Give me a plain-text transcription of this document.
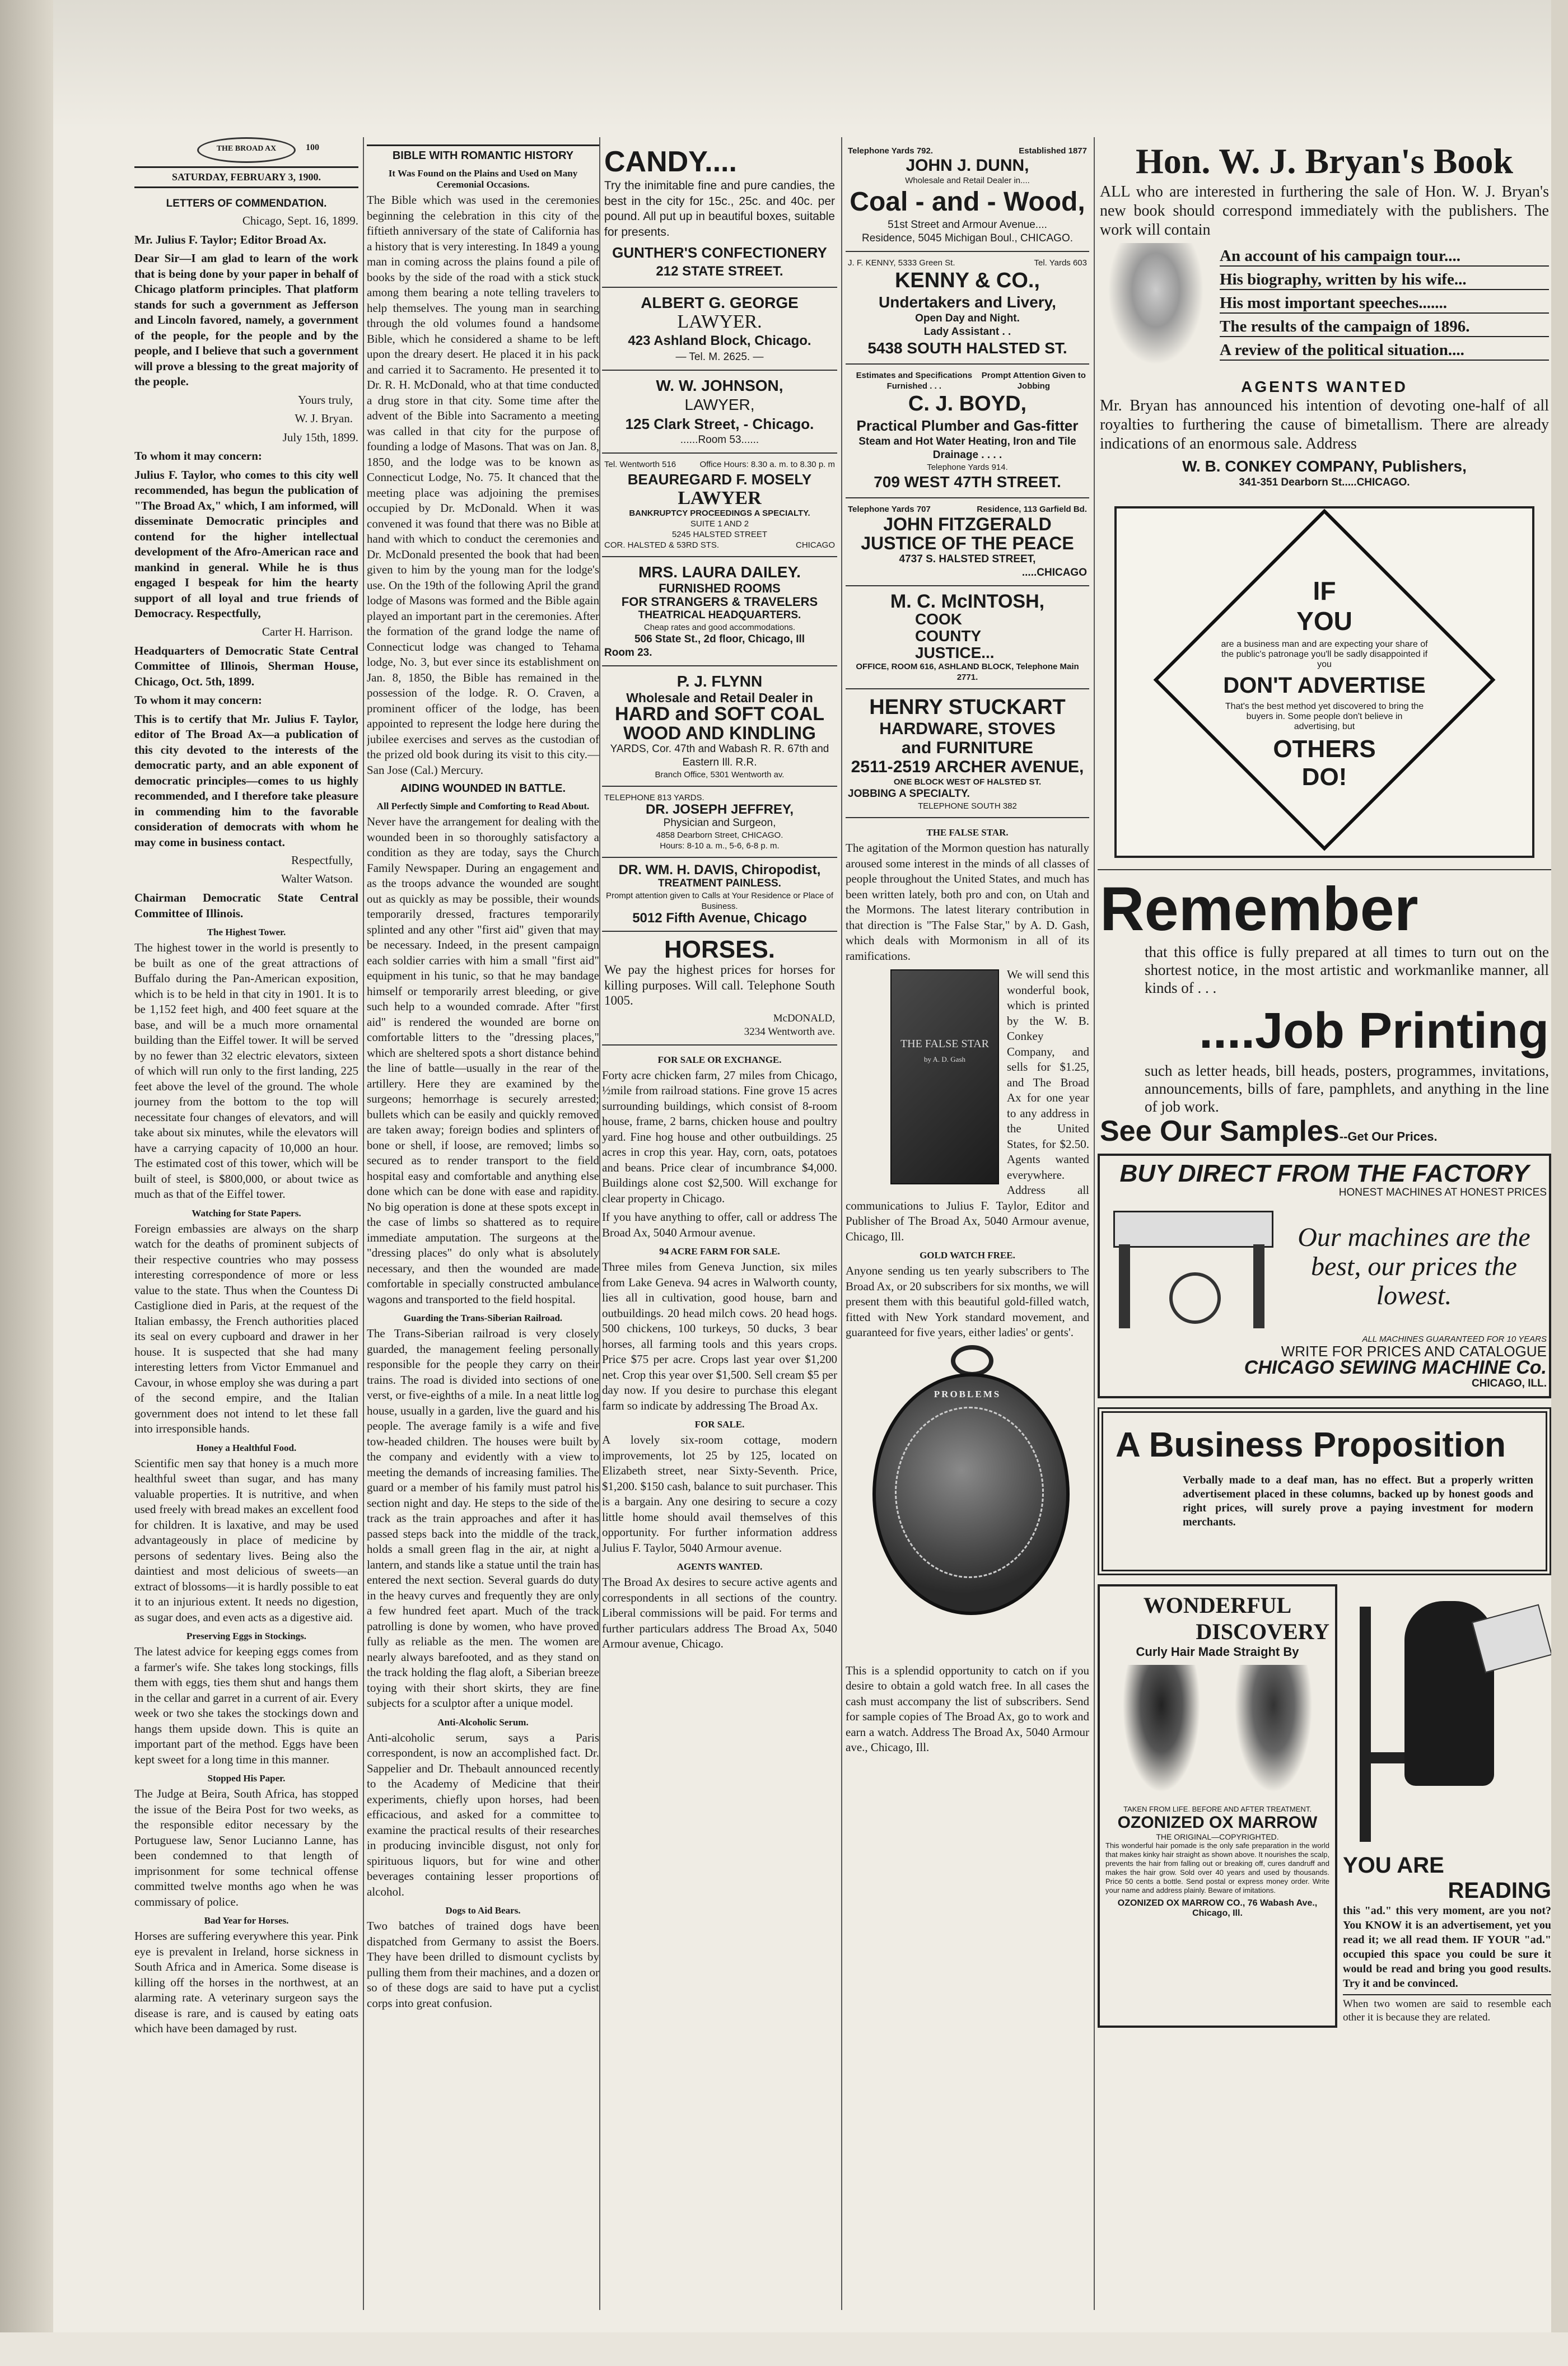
THE BROAD AX	100
SATURDAY, FEBRUARY 3, 1900.
LETTERS OF COMMENDATION.

Chicago, Sept. 16, 1899.

Mr. Julius F. Taylor; Editor Broad Ax.

Dear Sir—I am glad to learn of the work that is being done by your paper in behalf of Chicago platform principles. That platform stands for such a government as Jefferson and Lincoln favored, namely, a government of the people, for the people and by the people, and I believe that such a government will prove a blessing to the great majority of the people.

Yours truly,
W. J. Bryan.

July 15th, 1899.

To whom it may concern:

Julius F. Taylor, who comes to this city well recommended, has begun the publication of "The Broad Ax," which, I am informed, will disseminate Democratic principles and contend for the higher intellectual development of the Afro-American race and mankind in general. While he is thus engaged I bespeak for him the hearty support of all loyal and true friends of Democracy. Respectfully,

Carter H. Harrison.

Headquarters of Democratic State Central Committee of Illinois, Sherman House, Chicago, Oct. 5th, 1899.

To whom it may concern:

This is to certify that Mr. Julius F. Taylor, editor of The Broad Ax—a publication of this city devoted to the interests of the democratic party, and an able exponent of democratic principles—comes to us highly recommended, and I therefore take pleasure in commending him to the favorable consideration of democrats with whom he may come in business contact.

Respectfully,
Walter Watson.

Chairman Democratic State Central Committee of Illinois.

The Highest Tower.

The highest tower in the world is presently to be built as one of the great attractions of Buffalo during the Pan-American exposition, which is to be held in that city in 1901. It is to be 1,152 feet high, and 400 feet square at the base, and will be a much more ornamental building than the Eiffel tower. It will be served by no fewer than 32 electric elevators, sixteen of which will run only to the first landing, 225 feet above the level of the ground. The whole journey from the bottom to the top will necessitate four changes of elevators, and will take about six minutes, while the elevators will have a carrying capacity of 10,000 an hour. The estimated cost of this tower, which will be built of steel, is $800,000, or about twice as much as that of the Eiffel tower.

Watching for State Papers.

Foreign embassies are always on the sharp watch for the deaths of prominent subjects of their respective countries who may possess interesting correspondence of more or less value to the state. Thus when the Countess Di Castiglione died in Paris, at the request of the Italian embassy, the French authorities placed its seal on every cupboard and drawer in her house. It is suspected that she had many interesting letters from Victor Emmanuel and Cavour, in whose employ she was during a part of the second empire, and the Italian government does not intend to let these fall into irresponsible hands.

Honey a Healthful Food.

Scientific men say that honey is a much more healthful sweet than sugar, and has many valuable properties. It is nutritive, and when used freely with bread makes an excellent food for children. It is laxative, and may be used advantageously in place of medicine by persons of sedentary lives. Being also the daintiest and most delicious of sweets—an extract of blossoms—it is hardly possible to eat it to an injurious extent. It needs no digestion, as sugar does, and even acts as a digestive aid.

Preserving Eggs in Stockings.

The latest advice for keeping eggs comes from a farmer's wife. She takes long stockings, fills them with eggs, ties them shut and hangs them in the cellar and garret in a current of air. Every week or two she takes the stockings down and hangs them upside down. This is quite an important part of the method. Eggs have been kept sweet for a long time in this manner.

Stopped His Paper.

The Judge at Beira, South Africa, has stopped the issue of the Beira Post for two weeks, as the responsible editor necessary by the Portuguese law, Senor Lucianno Lanne, has been condemned to that length of imprisonment for some technical offense committed twelve months ago when he was commissary of police.

Bad Year for Horses.

Horses are suffering everywhere this year. Pink eye is prevalent in Ireland, horse sickness in South Africa and in America. Some disease is killing off the horses in the northwest, at an alarming rate. A veterinary surgeon says the disease is rare, and is caused by eating oats which have been damaged by rust.

BIBLE WITH ROMANTIC HISTORY
It Was Found on the Plains and Used on Many Ceremonial Occasions.

The Bible which was used in the ceremonies beginning the celebration in this city of the fiftieth anniversary of the state of California has a history that is very interesting. In 1849 a young man in coming across the plains found a pile of books by the side of the road with a stick stuck among them bearing a note telling travelers to help themselves. The young man in searching through the old volumes found a handsome Bible, which he considered a shame to be left upon the dreary desert. He placed it in his pack and carried it to Sacramento. He presented it to Dr. R. H. McDonald, who at that time conducted a drug store in that city. Some time after the advent of the Bible into Sacramento a meeting was called in that city for the purpose of founding a lodge of Masons. That was on Jan. 8, 1850, and the lodge was to be known as Connecticut Lodge, No. 75. It chanced that the meeting place was adjoining the premises occupied by Dr. McDonald. When it was convened it was found that there was no Bible at hand with which to conduct the ceremonies and Dr. McDonald presented the book that had been given to him by the young man for the lodge's use. On the 19th of the following April the grand lodge of Masons was formed and the Bible again played an important part in the ceremonies. After the formation of the grand lodge the name of Connecticut lodge was changed to Tehama lodge, No. 3, but ever since its establishment on Jan. 8, 1850, the Bible has remained in the possession of the lodge. R. O. Craven, a prominent officer of the lodge, has been appointed to represent the lodge here during the jubilee exercises and serves as the custodian of the prized old book during its visit to this city.—San Jose (Cal.) Mercury.

AIDING WOUNDED IN BATTLE.
All Perfectly Simple and Comforting to Read About.

Never have the arrangement for dealing with the wounded been in so thoroughly satisfactory a condition as they are today, says the Church Family Newspaper. During an engagement and as the troops advance the wounded are sought out as quickly as may be possible, their wounds temporarily dressed, fractures temporarily splinted and any other "first aid" given that may be necessary. Indeed, in the present campaign each soldier carries with him a small "first aid" equipment in his tunic, so that he may bandage himself or temporarily arrest bleeding, or give such help to a wounded comrade. After "first aid" is rendered the wounded are borne on comfortable litters to the "dressing places," which are sheltered spots a short distance behind the line of battle—usually in the rear of the artillery. Here they are examined by the surgeons; hemorrhage is securely arrested; bullets which can be easily and quickly removed are taken away; foreign bodies and splinters of bone or shell, if loose, are removed; limbs so secured as to render transport to the field hospital easy and comfortable and anything else done which can be done with ease and rapidity. No big operation is done at these spots except in the case of limbs so shattered as to require immediate amputation. The surgeons at the "dressing places" do only what is absolutely necessary, and then the wounded are made comfortable in specially constructed ambulance wagons and transported to the field hospital.

Guarding the Trans-Siberian Railroad.

The Trans-Siberian railroad is very closely guarded, the management feeling personally responsible for the people they carry on their trains. The road is divided into sections of one verst, or five-eighths of a mile. In a neat little log house, usually in a garden, live the guard and his people. The average family is a wife and five tow-headed children. The houses were built by the company and evidently with a view to meeting the demands of increasing families. The guard or a member of his family must patrol his section night and day. He steps to the side of the track as the train approaches and after it has passed steps back into the middle of the track, holds a small green flag in the air, at night a lantern, and stands like a statue until the train has entered the next section. Several guards do duty in the heavy curves and frequently they are only a few hundred feet apart. Much of the track patrolling is done by women, who have proved fully as reliable as the men. The women are nearly always barefooted, and as they stand on the track holding the flag aloft, a Siberian breeze toying with their short skirts, they are fine subjects for a sculptor after a unique model.

Anti-Alcoholic Serum.

Anti-alcoholic serum, says a Paris correspondent, is now an accomplished fact. Dr. Sappelier and Dr. Thebault announced recently to the Academy of Medicine that their experiments, chiefly upon horses, had been efficacious, and asked for a committee to examine the practical results of their researches in producing invincible disgust, not only for spirituous liquors, but for wine and other beverages containing lesser proportions of alcohol.

Dogs to Aid Bears.

Two batches of trained dogs have been dispatched from Germany to assist the Boers. They have been drilled to dismount cyclists by pulling them from their machines, and a dozen or so of these dogs are said to have put a cyclist corps into great confusion.

CANDY....

Try the inimitable fine and pure candies, the best in the city for 15c., 25c. and 40c. per pound. All put up in beautiful boxes, suitable for presents.

GUNTHER'S CONFECTIONERY
212 STATE STREET.
ALBERT G. GEORGE
LAWYER.
423 Ashland Block, Chicago.
— Tel. M. 2625. —
W. W. JOHNSON,
LAWYER,
125 Clark Street, - Chicago.
......Room 53......
Tel. Wentworth 516	Office Hours: 8.30 a. m. to 8.30 p. m
BEAUREGARD F. MOSELY
LAWYER
BANKRUPTCY PROCEEDINGS A SPECIALTY.
SUITE 1 AND 2
5245 HALSTED STREET
COR. HALSTED & 53RD STS.	CHICAGO
MRS. LAURA DAILEY.
FURNISHED ROOMS
FOR STRANGERS & TRAVELERS
THEATRICAL HEADQUARTERS.
Cheap rates and good accommodations.
506 State St., 2d floor, Chicago, Ill
Room 23.
P. J. FLYNN
Wholesale and Retail Dealer in
HARD and SOFT COAL
WOOD AND KINDLING
YARDS, Cor. 47th and Wabash R. R. 67th and Eastern Ill. R.R.
Branch Office, 5301 Wentworth av.
TELEPHONE 813 YARDS.
DR. JOSEPH JEFFREY,
Physician and Surgeon,
4858 Dearborn Street, CHICAGO.
Hours: 8-10 a. m., 5-6, 6-8 p. m.
DR. WM. H. DAVIS, Chiropodist,
TREATMENT PAINLESS.
Prompt attention given to Calls at Your Residence or Place of Business.
5012 Fifth Avenue, Chicago
HORSES.

We pay the highest prices for horses for killing purposes. Will call. Telephone South 1005.

McDONALD,
3234 Wentworth ave.
FOR SALE OR EXCHANGE.

Forty acre chicken farm, 27 miles from Chicago, ½mile from railroad stations. Fine grove 15 acres surrounding buildings, which consist of 8-room house, frame, 2 barns, chicken house and poultry yard. Fine hog house and other outbuildings. 25 acres in crop this year. Hay, corn, oats, potatoes and beans. Price clear of incumbrance $4,000. Buildings alone cost $2,500. Will exchange for clear property in Chicago.

If you have anything to offer, call or address The Broad Ax, 5040 Armour avenue.

94 ACRE FARM FOR SALE.

Three miles from Geneva Junction, six miles from Lake Geneva. 94 acres in Walworth county, lies all in cultivation, good house, barn and outbuildings. 20 head milch cows. 20 head hogs. 500 chickens, 100 turkeys, 50 ducks, 3 bear horses, all farming tools and this years crops. Price $75 per acre. Crops last year over $1,200 net. Crop this year over $1,500. Sell cream $5 per day now. If you desire to purchase this elegant farm so indicate by addressing The Broad Ax.

FOR SALE.

A lovely six-room cottage, modern improvements, lot 25 by 125, located on Elizabeth street, near Sixty-Seventh. Price, $1,200. $150 cash, balance to suit purchaser. This is a bargain. Any one desiring to secure a cozy little home should avail themselves of this opportunity. For further information address Julius F. Taylor, 5040 Armour avenue.

AGENTS WANTED.

The Broad Ax desires to secure active agents and correspondents in all sections of the country. Liberal commissions will be paid. For terms and further particulars address The Broad Ax, 5040 Armour avenue, Chicago.

Telephone Yards 792.	Established 1877
JOHN J. DUNN,
Wholesale and Retail Dealer in....
Coal - and - Wood,
51st Street and Armour Avenue....
Residence, 5045 Michigan Boul., CHICAGO.
J. F. KENNY, 5333 Green St.	Tel. Yards 603
KENNY & CO.,
Undertakers and Livery,
Open Day and Night.
Lady Assistant . .
5438 SOUTH HALSTED ST.
Estimates and Specifications Furnished . . .
Prompt Attention Given to Jobbing
C. J. BOYD,
Practical Plumber and Gas-fitter
Steam and Hot Water Heating, Iron and Tile Drainage . . . .
Telephone Yards 914.
709 WEST 47TH STREET.
Telephone Yards 707	Residence, 113 Garfield Bd.
JOHN FITZGERALD
JUSTICE OF THE PEACE
4737 S. HALSTED STREET,
.....CHICAGO
M. C. McINTOSH,
COOK
COUNTY
JUSTICE...
OFFICE, ROOM 616, ASHLAND BLOCK, Telephone Main 2771.
HENRY STUCKART
HARDWARE, STOVES
and FURNITURE
2511-2519 ARCHER AVENUE,
ONE BLOCK WEST OF HALSTED ST.
JOBBING A SPECIALTY.
TELEPHONE SOUTH 382
THE FALSE STAR.

The agitation of the Mormon question has naturally aroused some interest in the minds of all classes of people throughout the United States, and much has been written lately, both pro and con, on Utah and the Mormons. The latest literary contribution in that direction is "The False Star," by A. D. Gash, which deals with Mormonism in all of its ramifications.

THE FALSE STAR
by A. D. Gash

We will send this wonderful book, which is printed by the W. B. Conkey Company, and sells for $1.25, and The Broad Ax for one year to any address in the United States, for $2.50. Agents wanted everywhere. Address all communications to Julius F. Taylor, Editor and Publisher of The Broad Ax, 5040 Armour avenue, Chicago, Ill.

GOLD WATCH FREE.

Anyone sending us ten yearly subscribers to The Broad Ax, or 20 subscribers for six months, we will present them with this beautiful gold-filled watch, fitted with New York standard movement, and guaranteed for five years, either ladies' or gents'.

PROBLEMS

This is a splendid opportunity to catch on if you desire to obtain a gold watch free. In all cases the cash must accompany the list of subscribers. Send for sample copies of The Broad Ax, go to work and earn a watch. Address The Broad Ax, 5040 Armour ave., Chicago, Ill.

Hon. W. J. Bryan's Book

ALL who are interested in furthering the sale of Hon. W. J. Bryan's new book should correspond immediately with the publishers. The work will contain

An account of his campaign tour....
His biography, written by his wife...
His most important speeches.......
The results of the campaign of 1896.
A review of the political situation....
AGENTS WANTED

Mr. Bryan has announced his intention of devoting one-half of all royalties to furthering the cause of bimetallism. There are already indications of an enormous sale. Address

W. B. CONKEY COMPANY, Publishers,
341-351 Dearborn St.....CHICAGO.
IF
YOU
are a business man and are expecting your share of the public's patronage you'll be sadly disappointed if you
DON'T ADVERTISE
That's the best method yet discovered to bring the buyers in. Some people don't believe in advertising, but
OTHERS
DO!
Remember

that this office is fully prepared at all times to turn out on the shortest notice, in the most artistic and workmanlike manner, all kinds of . . .

....Job Printing

such as letter heads, bill heads, posters, programmes, invitations, announcements, bills of fare, pamphlets, and anything in the line of job work.

See Our Samples--Get Our Prices.
BUY DIRECT FROM THE FACTORY
HONEST MACHINES AT HONEST PRICES
Our machines are the best, our prices the lowest.
ALL MACHINES GUARANTEED FOR 10 YEARS
WRITE FOR PRICES AND CATALOGUE
CHICAGO SEWING MACHINE Co.
CHICAGO, ILL.
A Business Proposition

Verbally made to a deaf man, has no effect. But a properly written advertisement placed in these columns, backed up by honest goods and right prices, will surely prove a paying investment for modern merchants.

WONDERFUL
DISCOVERY
Curly Hair Made Straight By
TAKEN FROM LIFE. BEFORE AND AFTER TREATMENT.
OZONIZED OX MARROW
THE ORIGINAL—COPYRIGHTED.
This wonderful hair pomade is the only safe preparation in the world that makes kinky hair straight as shown above. It nourishes the scalp, prevents the hair from falling out or breaking off, cures dandruff and makes the hair grow. Sold over 40 years and used by thousands. Price 50 cents a bottle. Send postal or express money order. Write your name and address plainly. Beware of imitations.
OZONIZED OX MARROW CO., 76 Wabash Ave., Chicago, Ill.
YOU ARE
READING

this "ad." this very moment, are you not? You KNOW it is an advertisement, yet you read it; we all read them. IF YOUR "ad." occupied this space you could be sure it would be read and bring you good results. Try it and be convinced.

When two women are said to resemble each other it is because they are related.
